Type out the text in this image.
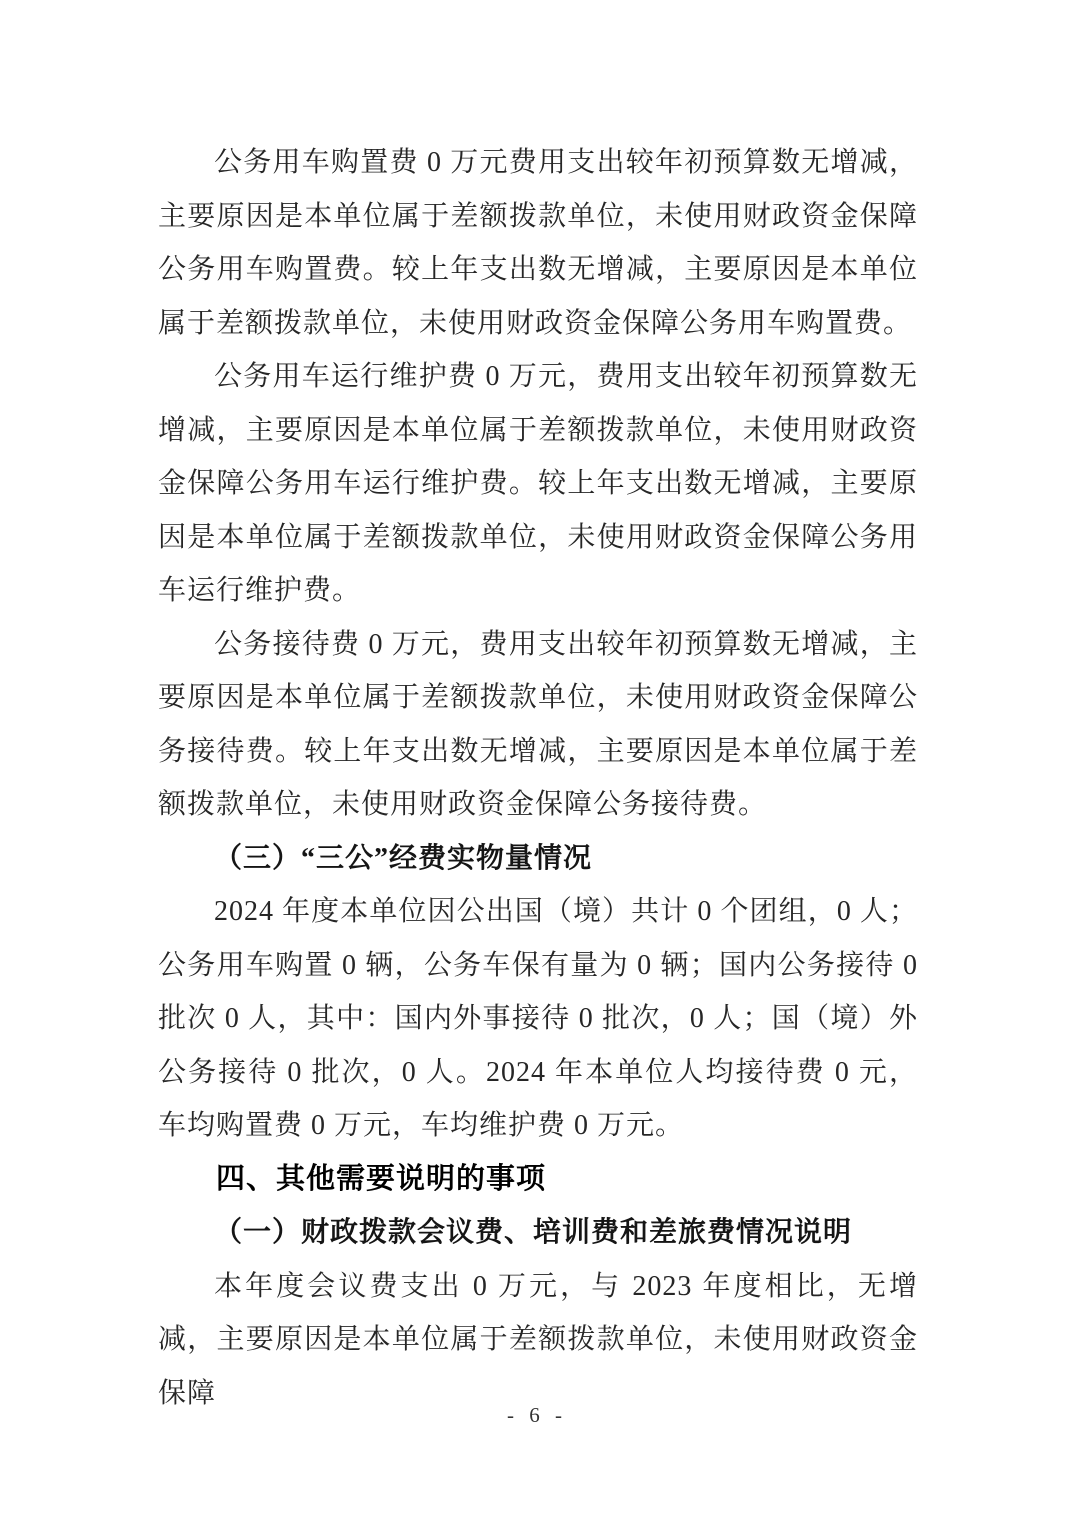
公务用车购置费 0 万元费用支出较年初预算数无增减，主要原因是本单位属于差额拨款单位，未使用财政资金保障公务用车购置费。较上年支出数无增减，主要原因是本单位属于差额拨款单位，未使用财政资金保障公务用车购置费。

公务用车运行维护费 0 万元，费用支出较年初预算数无增减，主要原因是本单位属于差额拨款单位，未使用财政资金保障公务用车运行维护费。较上年支出数无增减，主要原因是本单位属于差额拨款单位，未使用财政资金保障公务用车运行维护费。

公务接待费 0 万元，费用支出较年初预算数无增减，主要原因是本单位属于差额拨款单位，未使用财政资金保障公务接待费。较上年支出数无增减，主要原因是本单位属于差额拨款单位，未使用财政资金保障公务接待费。

（三）“三公”经费实物量情况

2024 年度本单位因公出国（境）共计 0 个团组，0 人；公务用车购置 0 辆，公务车保有量为 0 辆；国内公务接待 0 批次 0 人，其中：国内外事接待 0 批次，0 人；国（境）外公务接待 0 批次，0 人。2024 年本单位人均接待费 0 元，车均购置费 0 万元，车均维护费 0 万元。

四、其他需要说明的事项

（一）财政拨款会议费、培训费和差旅费情况说明

本年度会议费支出 0 万元，与 2023 年度相比，无增减，主要原因是本单位属于差额拨款单位，未使用财政资金保障

- 6 -
